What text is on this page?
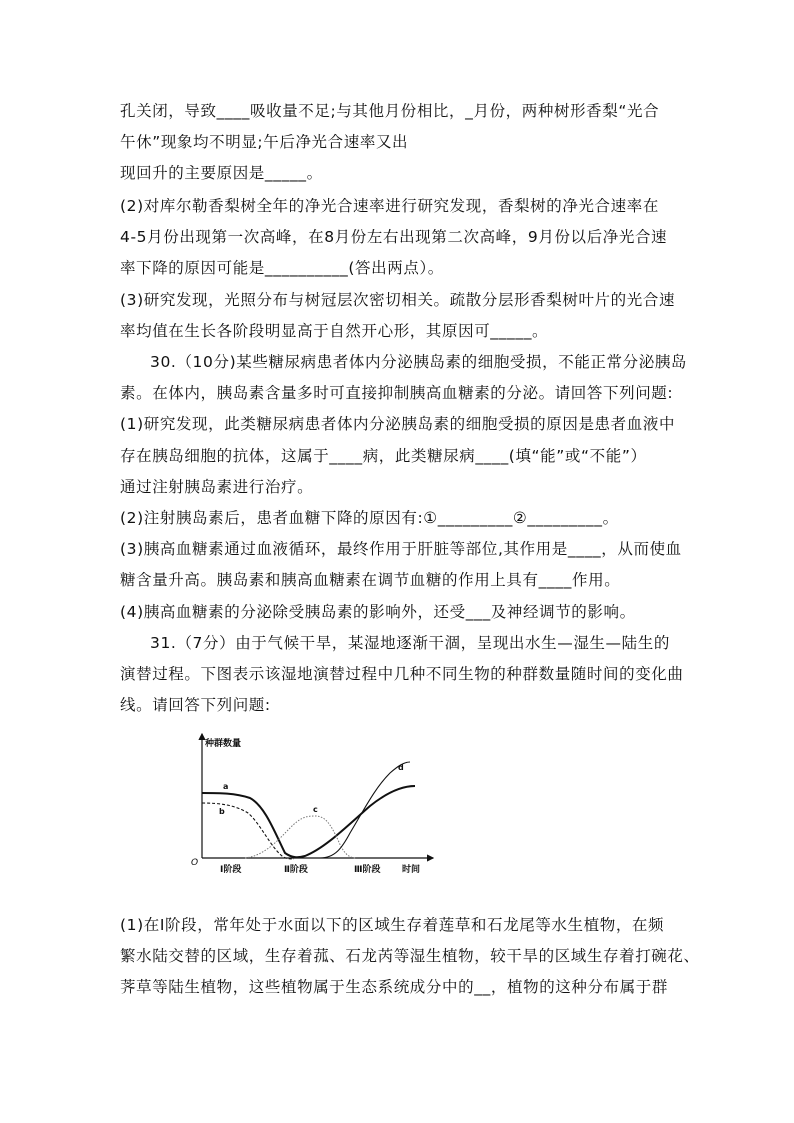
孔关闭，导致____吸收量不足;与其他月份相比，_月份，两种树形香梨“光合
午休”现象均不明显;午后净光合速率又出
现回升的主要原因是_____。
(2)对库尔勒香梨树全年的净光合速率进行研究发现，香梨树的净光合速率在
4-5月份出现第一次高峰，在8月份左右出现第二次高峰，9月份以后净光合速
率下降的原因可能是__________(答出两点）。
(3)研究发现，光照分布与树冠层次密切相关。疏散分层形香梨树叶片的光合速
率均值在生长各阶段明显高于自然开心形，其原因可_____。
30.（10分)某些糖尿病患者体内分泌胰岛素的细胞受损，不能正常分泌胰岛
素。在体内，胰岛素含量多时可直接抑制胰高血糖素的分泌。请回答下列问题:
(1)研究发现，此类糖尿病患者体内分泌胰岛素的细胞受损的原因是患者血液中
存在胰岛细胞的抗体，这属于____病，此类糖尿病____(填“能”或“不能”）
通过注射胰岛素进行治疗。
(2)注射胰岛素后，患者血糖下降的原因有:①_________②_________。
(3)胰高血糖素通过血液循环，最终作用于肝脏等部位,其作用是____，从而使血
糖含量升高。胰岛素和胰高血糖素在调节血糖的作用上具有____作用。
(4)胰高血糖素的分泌除受胰岛素的影响外，还受___及神经调节的影响。
31.（7分）由于气候干旱，某湿地逐渐干涸，呈现出水生—湿生—陆生的
演替过程。下图表示该湿地演替过程中几种不同生物的种群数量随时间的变化曲
线。请回答下列问题:
种群数量
O
Ⅰ阶段	Ⅱ阶段	Ⅲ阶段 时间
a
b	c
d
(1)在Ⅰ阶段，常年处于水面以下的区域生存着莲草和石龙尾等水生植物，在频
繁水陆交替的区域，生存着菰、石龙芮等湿生植物，较干旱的区域生存着打碗花、
荠草等陆生植物，这些植物属于生态系统成分中的__，植物的这种分布属于群
